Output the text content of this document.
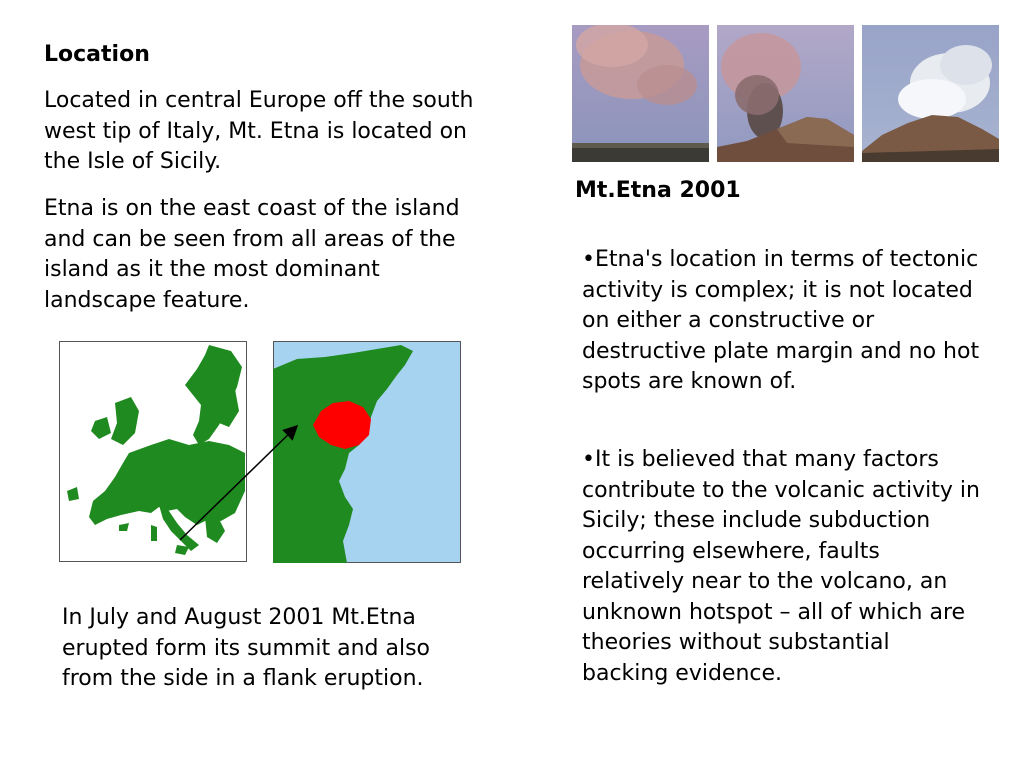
Location

Located in central Europe off the south west tip of Italy, Mt. Etna is located on the Isle of Sicily.

Etna is on the east coast of the island and can be seen from all areas of the island as it the most dominant landscape feature.

In July and August 2001 Mt.Etna erupted form its summit and also from the side in a flank eruption.

Mt.Etna 2001

•Etna's location in terms of tectonic activity is complex; it is not located on either a constructive or destructive plate margin and no hot spots are known of.

•It is believed that many factors contribute to the volcanic activity in Sicily; these include subduction occurring elsewhere, faults relatively near to the volcano, an unknown hotspot – all of which are theories without substantial backing evidence.
